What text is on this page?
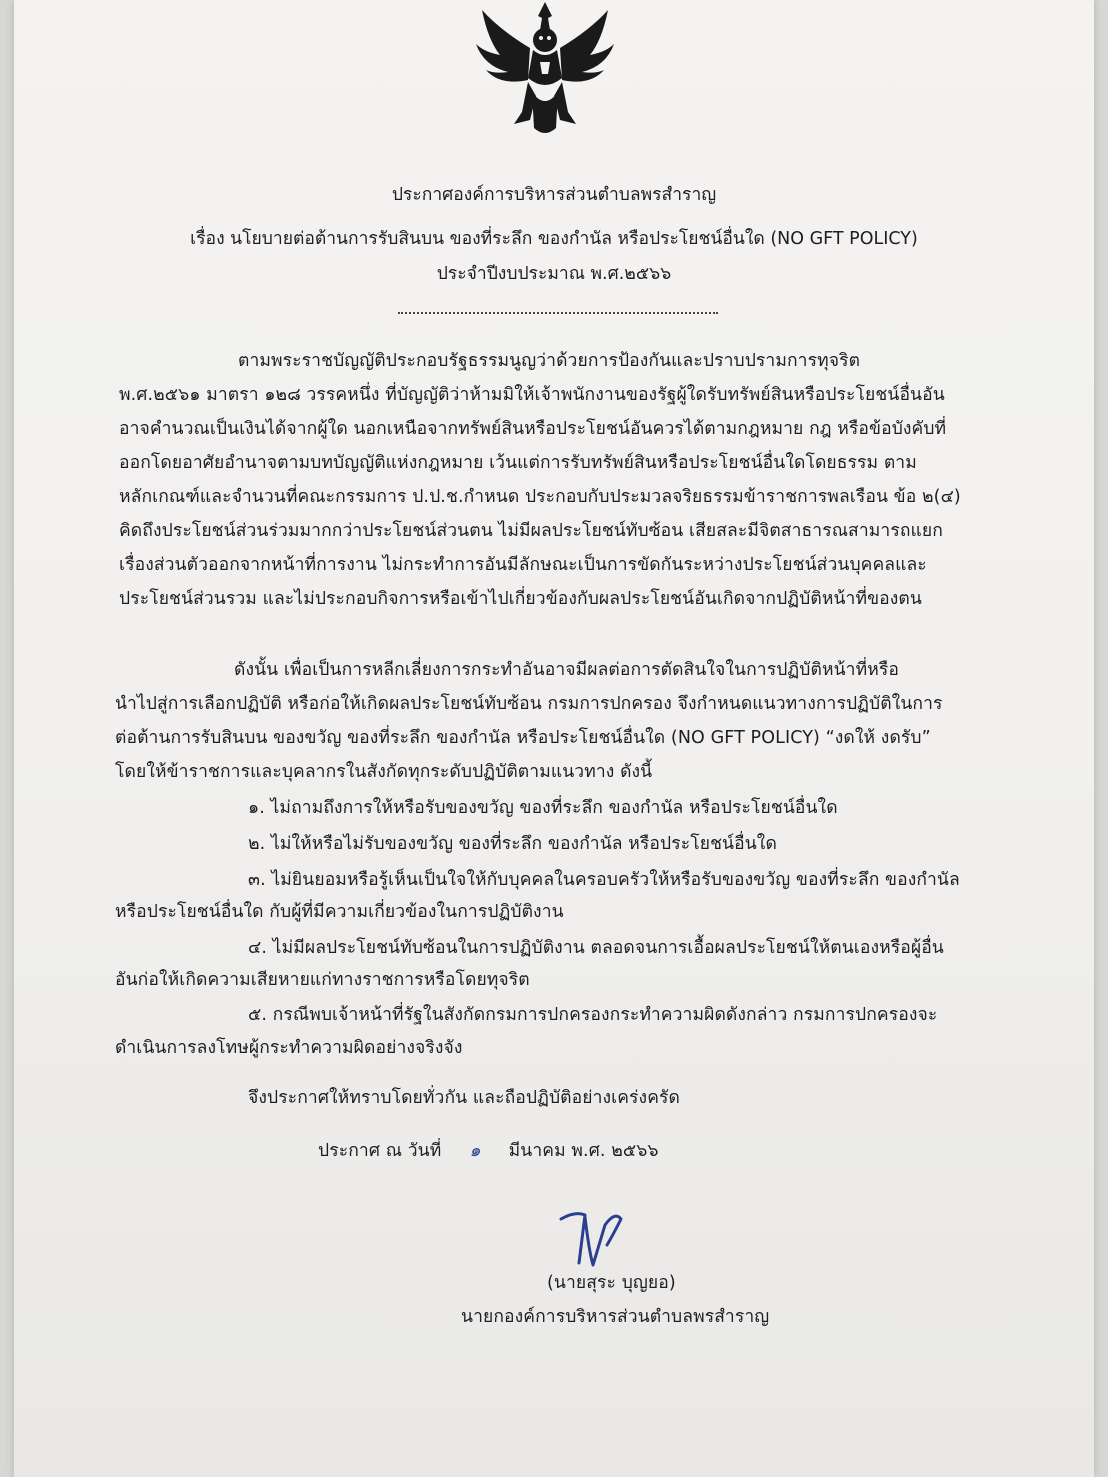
ประกาศองค์การบริหารส่วนตำบลพรสำราญ
เรื่อง นโยบายต่อต้านการรับสินบน ของที่ระลึก ของกำนัล หรือประโยชน์อื่นใด (NO GFT POLICY)
ประจำปีงบประมาณ พ.ศ.๒๕๖๖
ตามพระราชบัญญัติประกอบรัฐธรรมนูญว่าด้วยการป้องกันและปราบปรามการทุจริต
พ.ศ.๒๕๖๑ มาตรา ๑๒๘ วรรคหนึ่ง ที่บัญญัติว่าห้ามมิให้เจ้าพนักงานของรัฐผู้ใดรับทรัพย์สินหรือประโยชน์อื่นอัน
อาจคำนวณเป็นเงินได้จากผู้ใด นอกเหนือจากทรัพย์สินหรือประโยชน์อันควรได้ตามกฎหมาย กฎ หรือข้อบังคับที่
ออกโดยอาศัยอำนาจตามบทบัญญัติแห่งกฎหมาย เว้นแต่การรับทรัพย์สินหรือประโยชน์อื่นใดโดยธรรม ตาม
หลักเกณฑ์และจำนวนที่คณะกรรมการ ป.ป.ช.กำหนด ประกอบกับประมวลจริยธรรมข้าราชการพลเรือน ข้อ ๒(๔)
คิดถึงประโยชน์ส่วนร่วมมากกว่าประโยชน์ส่วนตน ไม่มีผลประโยชน์ทับซ้อน เสียสละมีจิตสาธารณสามารถแยก
เรื่องส่วนตัวออกจากหน้าที่การงาน ไม่กระทำการอันมีลักษณะเป็นการขัดกันระหว่างประโยชน์ส่วนบุคคลและ
ประโยชน์ส่วนรวม และไม่ประกอบกิจการหรือเข้าไปเกี่ยวข้องกับผลประโยชน์อันเกิดจากปฏิบัติหน้าที่ของตน
ดังนั้น เพื่อเป็นการหลีกเลี่ยงการกระทำอันอาจมีผลต่อการตัดสินใจในการปฏิบัติหน้าที่หรือ
นำไปสู่การเลือกปฏิบัติ หรือก่อให้เกิดผลประโยชน์ทับซ้อน กรมการปกครอง จึงกำหนดแนวทางการปฏิบัติในการ
ต่อต้านการรับสินบน ของขวัญ ของที่ระลึก ของกำนัล หรือประโยชน์อื่นใด (NO GFT POLICY) “งดให้ งดรับ”
โดยให้ข้าราชการและบุคลากรในสังกัดทุกระดับปฏิบัติตามแนวทาง ดังนี้
๑. ไม่ถามถึงการให้หรือรับของขวัญ ของที่ระลึก ของกำนัล หรือประโยชน์อื่นใด
๒. ไม่ให้หรือไม่รับของขวัญ ของที่ระลึก ของกำนัล หรือประโยชน์อื่นใด
๓. ไม่ยินยอมหรือรู้เห็นเป็นใจให้กับบุคคลในครอบครัวให้หรือรับของขวัญ ของที่ระลึก ของกำนัล
หรือประโยชน์อื่นใด กับผู้ที่มีความเกี่ยวข้องในการปฏิบัติงาน
๔. ไม่มีผลประโยชน์ทับซ้อนในการปฏิบัติงาน ตลอดจนการเอื้อผลประโยชน์ให้ตนเองหรือผู้อื่น
อันก่อให้เกิดความเสียหายแก่ทางราชการหรือโดยทุจริต
๕. กรณีพบเจ้าหน้าที่รัฐในสังกัดกรมการปกครองกระทำความผิดดังกล่าว กรมการปกครองจะ
ดำเนินการลงโทษผู้กระทำความผิดอย่างจริงจัง
จึงประกาศให้ทราบโดยทั่วกัน และถือปฏิบัติอย่างเคร่งครัด
ประกาศ ณ วันที่ ๑ มีนาคม พ.ศ. ๒๕๖๖
(นายสุระ บุญยอ)
นายกองค์การบริหารส่วนตำบลพรสำราญ
